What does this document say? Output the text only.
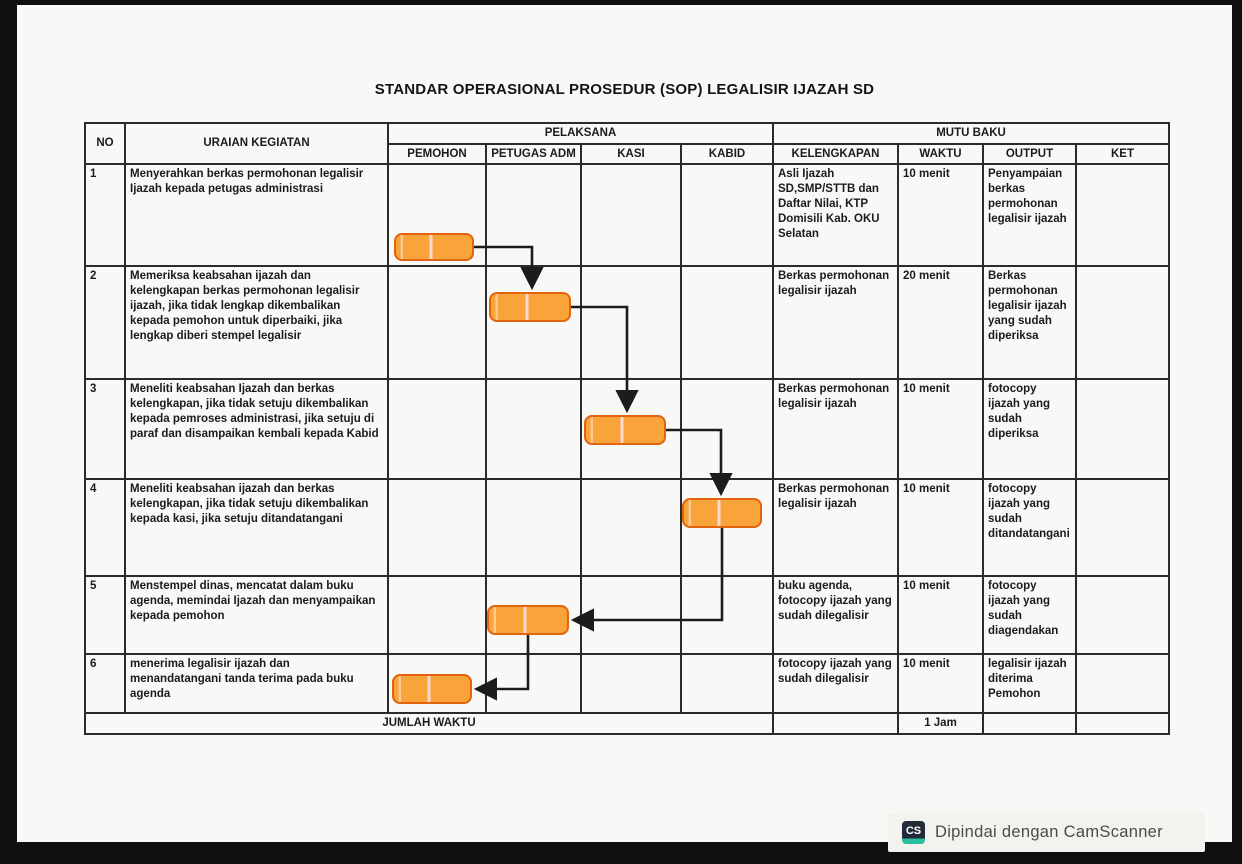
STANDAR OPERASIONAL PROSEDUR (SOP) LEGALISIR IJAZAH SD
NO	URAIAN KEGIATAN	PELAKSANA				MUTU BAKU			
		PEMOHON	PETUGAS ADM	KASI	KABID	KELENGKAPAN	WAKTU	OUTPUT	KET
1	Menyerahkan berkas permohonan legalisir Ijazah kepada petugas administrasi					Asli Ijazah SD,SMP/STTB dan Daftar Nilai, KTP Domisili Kab. OKU Selatan	10 menit	Penyampaian berkas permohonan legalisir ijazah	
2	Memeriksa keabsahan ijazah dan kelengkapan berkas permohonan legalisir ijazah, jika tidak lengkap dikembalikan kepada pemohon untuk diperbaiki, jika lengkap diberi stempel legalisir					Berkas permohonan legalisir ijazah	20 menit	Berkas permohonan legalisir ijazah yang sudah diperiksa	
3	Meneliti keabsahan Ijazah dan berkas kelengkapan, jika tidak setuju dikembalikan kepada pemroses administrasi, jika setuju di paraf dan disampaikan kembali kepada Kabid					Berkas permohonan legalisir ijazah	10 menit	fotocopy ijazah yang sudah diperiksa	
4	Meneliti keabsahan ijazah dan berkas kelengkapan, jika tidak setuju dikembalikan kepada kasi, jika setuju ditandatangani					Berkas permohonan legalisir ijazah	10 menit	fotocopy ijazah yang sudah ditandatangani	
5	Menstempel dinas, mencatat dalam buku agenda, memindai Ijazah dan menyampaikan kepada pemohon					buku agenda, fotocopy ijazah yang sudah dilegalisir	10 menit	fotocopy ijazah yang sudah diagendakan	
6	menerima legalisir ijazah dan menandatangani tanda terima pada buku agenda					fotocopy ijazah yang sudah dilegalisir	10 menit	legalisir ijazah diterima Pemohon	
JUMLAH WAKTU							1 Jam		
CS Dipindai dengan CamScanner
